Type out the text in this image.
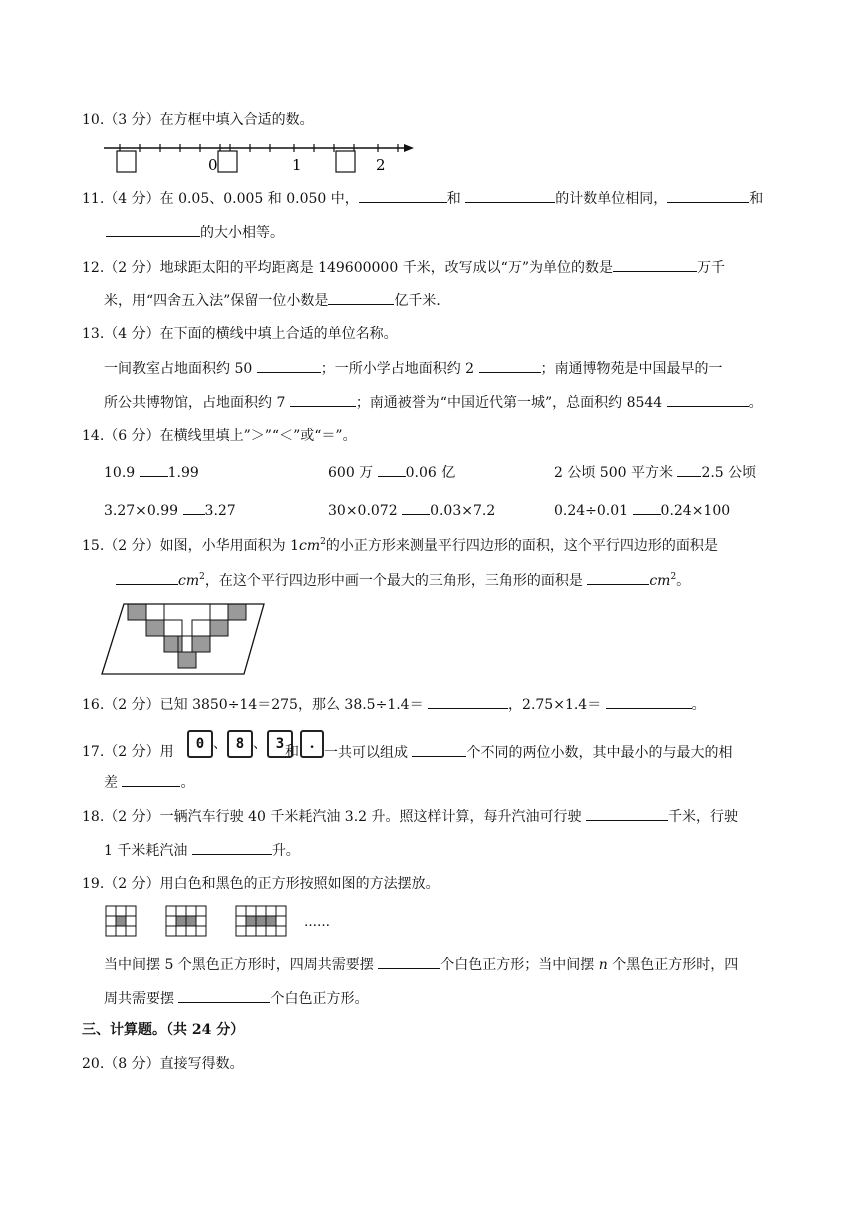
10.（3 分）在方框中填入合适的数。
0	1	2
11.（4 分）在 0.05、0.005 和 0.050 中，	和	的计数单位相同，	和
的大小相等。
12.（2 分）地球距太阳的平均距离是 149600000 千米，改写成以“万”为单位的数是	万千
米，用“四舍五入法”保留一位小数是	亿千米．
13.（4 分）在下面的横线中填上合适的单位名称。
一间教室占地面积约 50	；一所小学占地面积约 2	；南通博物苑是中国最早的一
所公共博物馆，占地面积约 7	；南通被誉为“中国近代第一城”，总面积约 8544	。
14.（6 分）在横线里填上”＞”“＜”或“＝”。
10.9 1.99	600 万 0.06 亿	2 公顷 500 平方米 2.5 公顷
3.27×0.99 3.27	30×0.072 0.03×7.2	0.24÷0.01 0.24×100
15.（2 分）如图，小华用面积为 $1cm^2$的小正方形来测量平行四边形的面积，这个平行四边形的面积是
$cm^2$，在这个平行四边形中画一个最大的三角形，三角形的面积是	$cm^2$。
16.（2 分）已知 3850÷14＝275，那么 38.5÷1.4＝	，2.75×1.4＝	。
17.（2 分）用	0 、 8 、 3 和 .
一共可以组成	个不同的两位小数，其中最小的与最大的相
差	。
18.（2 分）一辆汽车行驶 40 千米耗汽油 3.2 升。照这样计算，每升汽油可行驶	千米，行驶
1 千米耗汽油	升。
19.（2 分）用白色和黑色的正方形按照如图的方法摆放。
……
当中间摆 5 个黑色正方形时，四周共需要摆	个白色正方形；当中间摆 n 个黑色正方形时，四
周共需要摆	个白色正方形。
三、计算题。（共 24 分）
20.（8 分）直接写得数。
